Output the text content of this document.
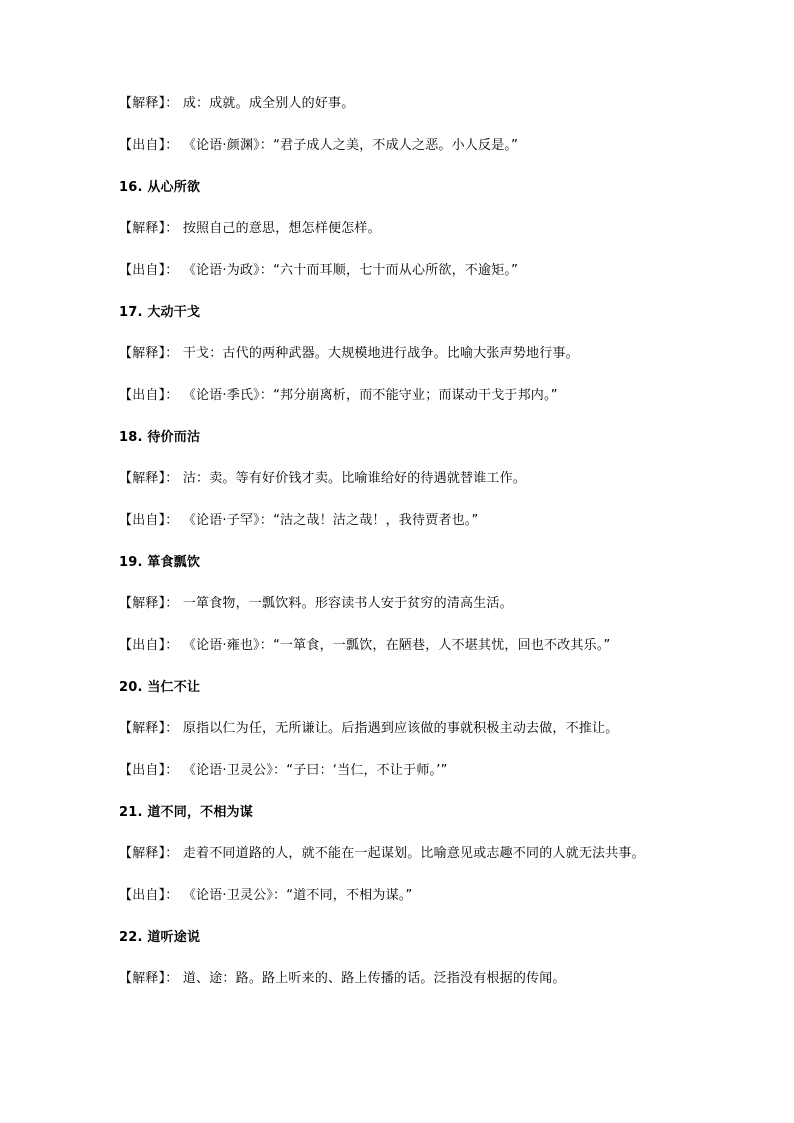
【解释】： 成：成就。成全别人的好事。
【出自】： 《论语·颜渊》：“君子成人之美，不成人之恶。小人反是。”
16. 从心所欲
【解释】： 按照自己的意思，想怎样便怎样。
【出自】： 《论语·为政》：“六十而耳顺，七十而从心所欲，不逾矩。”
17. 大动干戈
【解释】： 干戈：古代的两种武器。大规模地进行战争。比喻大张声势地行事。
【出自】： 《论语·季氏》：“邦分崩离析，而不能守业；而谋动干戈于邦内。”
18. 待价而沽
【解释】： 沽：卖。等有好价钱才卖。比喻谁给好的待遇就替谁工作。
【出自】： 《论语·子罕》：“沽之哉！沽之哉！，我待贾者也。”
19. 箪食瓢饮
【解释】： 一箪食物，一瓢饮料。形容读书人安于贫穷的清高生活。
【出自】： 《论语·雍也》：“一箪食，一瓢饮，在陋巷，人不堪其忧，回也不改其乐。”
20. 当仁不让
【解释】： 原指以仁为任，无所谦让。后指遇到应该做的事就积极主动去做，不推让。
【出自】： 《论语·卫灵公》：“子曰：‘当仁，不让于师。’”
21. 道不同，不相为谋
【解释】： 走着不同道路的人，就不能在一起谋划。比喻意见或志趣不同的人就无法共事。
【出自】： 《论语·卫灵公》：“道不同，不相为谋。”
22. 道听途说
【解释】： 道、途：路。路上听来的、路上传播的话。泛指没有根据的传闻。
